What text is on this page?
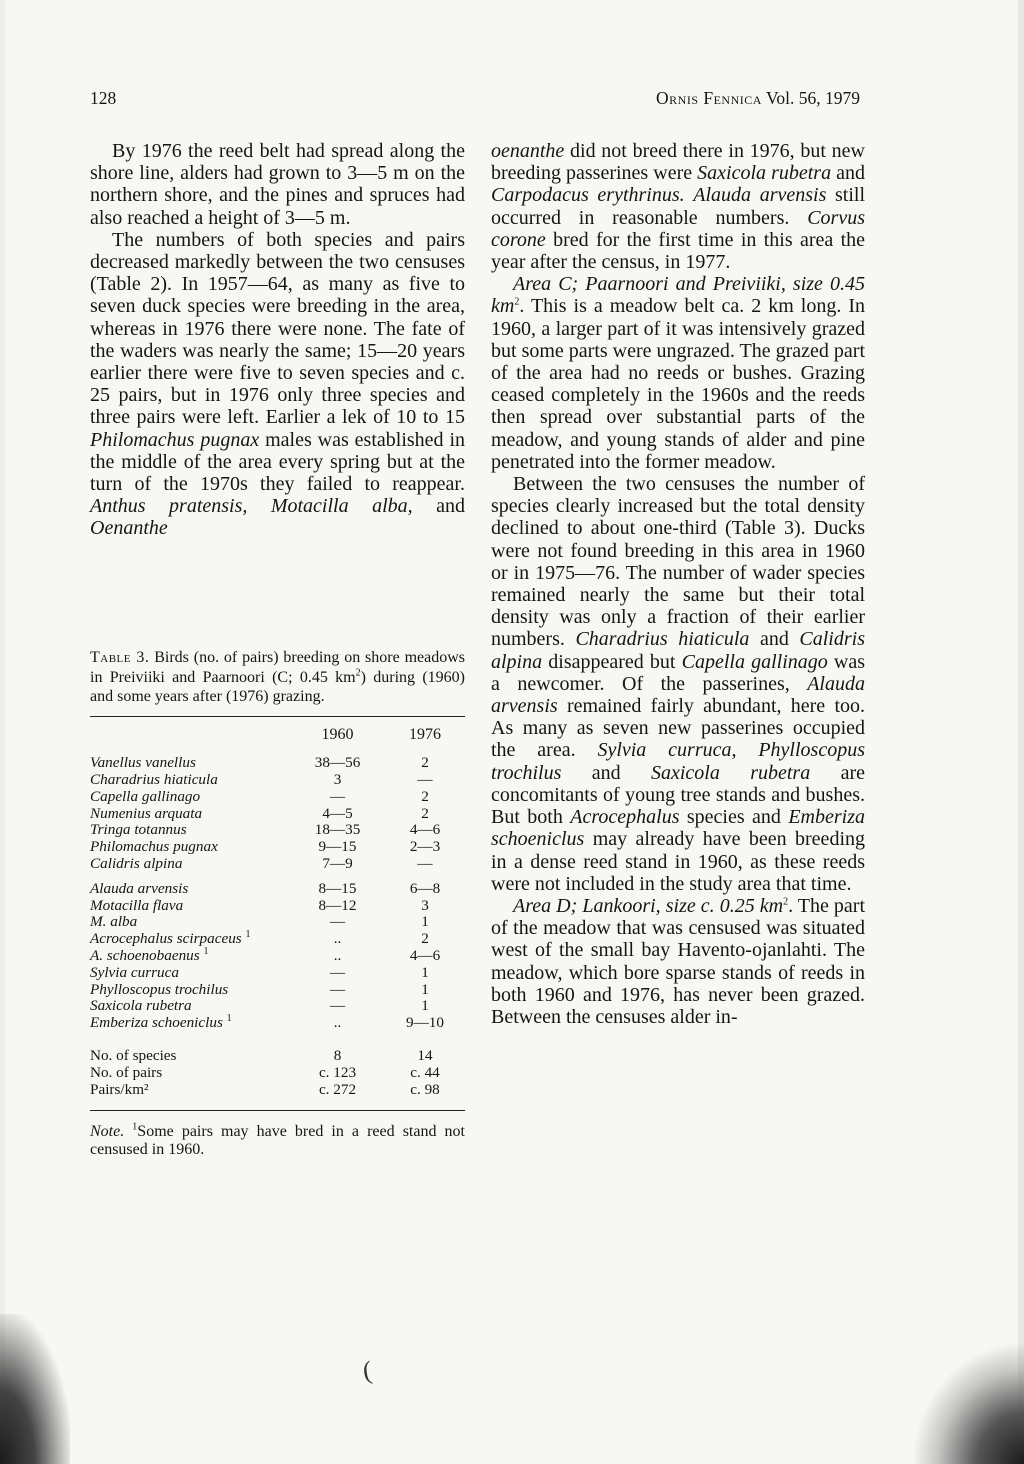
128	Ornis Fennica Vol. 56, 1979

By 1976 the reed belt had spread along the shore line, alders had grown to 3—5 m on the northern shore, and the pines and spruces had also reached a height of 3—5 m.

The numbers of both species and pairs decreased markedly between the two censuses (Table 2). In 1957—64, as many as five to seven duck species were breeding in the area, whereas in 1976 there were none. The fate of the waders was nearly the same; 15—20 years earlier there were five to seven species and c. 25 pairs, but in 1976 only three species and three pairs were left. Earlier a lek of 10 to 15 Philomachus pugnax males was established in the middle of the area every spring but at the turn of the 1970s they failed to reappear. Anthus pratensis, Motacilla alba, and Oenanthe

Table 3. Birds (no. of pairs) breeding on shore meadows in Preiviiki and Paarnoori (C; 0.45 $km^2$) during (1960) and some years after (1976) grazing.

	1960	1976
Vanellus vanellus	38—56	2
Charadrius hiaticula	3	—
Capella gallinago	—	2
Numenius arquata	4—5	2
Tringa totannus	18—35	4—6
Philomachus pugnax	9—15	2—3
Calidris alpina	7—9	—
Alauda arvensis	8—15	6—8
Motacilla flava	8—12	3
M. alba	—	1
Acrocephalus scirpaceus $^1$	..	2
A. schoenobaenus $^1$	..	4—6
Sylvia curruca	—	1
Phylloscopus trochilus	—	1
Saxicola rubetra	—	1
Emberiza schoeniclus $^1$	..	9—10
No. of species	8	14
No. of pairs	c. 123	c. 44
Pairs/km²	c. 272	c. 98
Note. $^1$Some pairs may have bred in a reed stand not censused in 1960.

oenanthe did not breed there in 1976, but new breeding passerines were Saxicola rubetra and Carpodacus erythrinus. Alauda arvensis still occurred in reasonable numbers. Corvus corone bred for the first time in this area the year after the census, in 1977.

Area C; Paarnoori and Preiviiki, size 0.45 $km^2$. This is a meadow belt ca. 2 km long. In 1960, a larger part of it was intensively grazed but some parts were ungrazed. The grazed part of the area had no reeds or bushes. Grazing ceased completely in the 1960s and the reeds then spread over substantial parts of the meadow, and young stands of alder and pine penetrated into the former meadow.

Between the two censuses the number of species clearly increased but the total density declined to about one-third (Table 3). Ducks were not found breeding in this area in 1960 or in 1975—76. The number of wader species remained nearly the same but their total density was only a fraction of their earlier numbers. Charadrius hiaticula and Calidris alpina disappeared but Capella gallinago was a newcomer. Of the passerines, Alauda arvensis remained fairly abundant, here too. As many as seven new passerines occupied the area. Sylvia curruca, Phylloscopus trochilus and Saxicola rubetra are concomitants of young tree stands and bushes. But both Acrocephalus species and Emberiza schoeniclus may already have been breeding in a dense reed stand in 1960, as these reeds were not included in the study area that time.

Area D; Lankoori, size c. 0.25 $km^2$. The part of the meadow that was censused was situated west of the small bay Havento-ojanlahti. The meadow, which bore sparse stands of reeds in both 1960 and 1976, has never been grazed. Between the censuses alder in-

(
